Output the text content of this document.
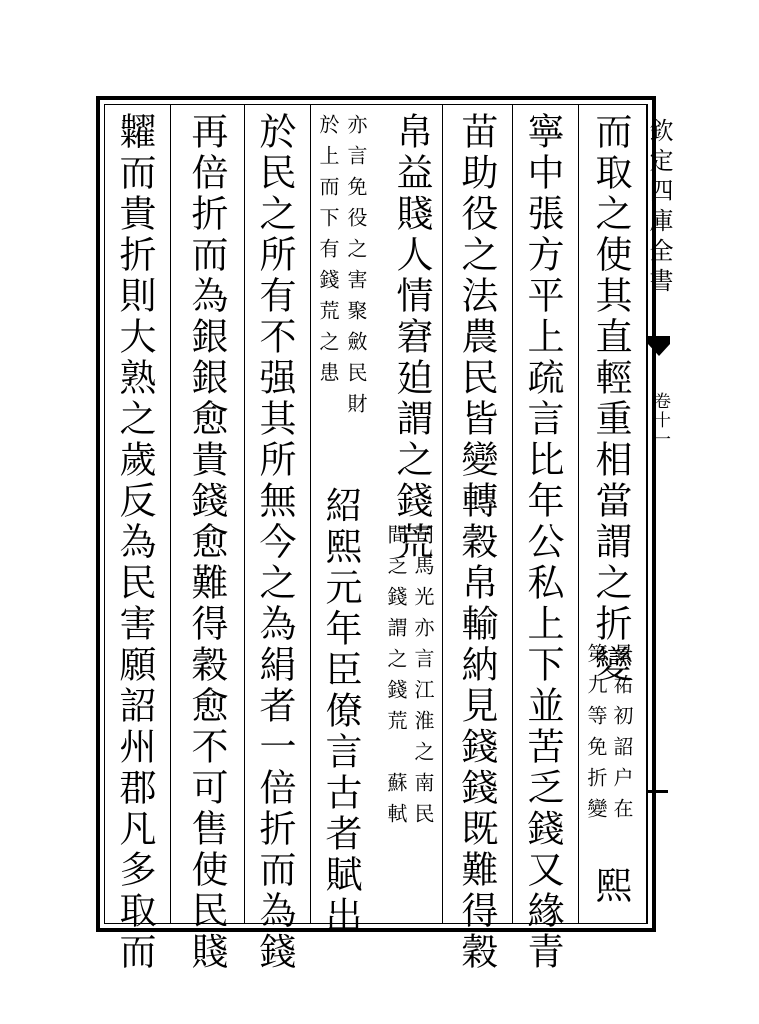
欽定四庫全書
卷十一
而取之使其直輕重相當謂之折變
景祐初詔户在
第九等免折變
熙
寧中張方平上疏言比年公私上下並苦乏錢又緣青
苗助役之法農民皆變轉穀帛輸納見錢錢既難得穀
帛益賤人情窘廹謂之錢荒
司馬光亦言江淮之南民
間乏錢謂之錢荒　蘇軾
亦言免役之害聚斂民財
於上而下有錢荒之患
紹熙元年臣僚言古者賦出
於民之所有不强其所無今之為絹者一倍折而為錢
再倍折而為銀銀愈貴錢愈難得穀愈不可售使民賤
糶而貴折則大熟之歲反為民害願詔州郡凡多取而
